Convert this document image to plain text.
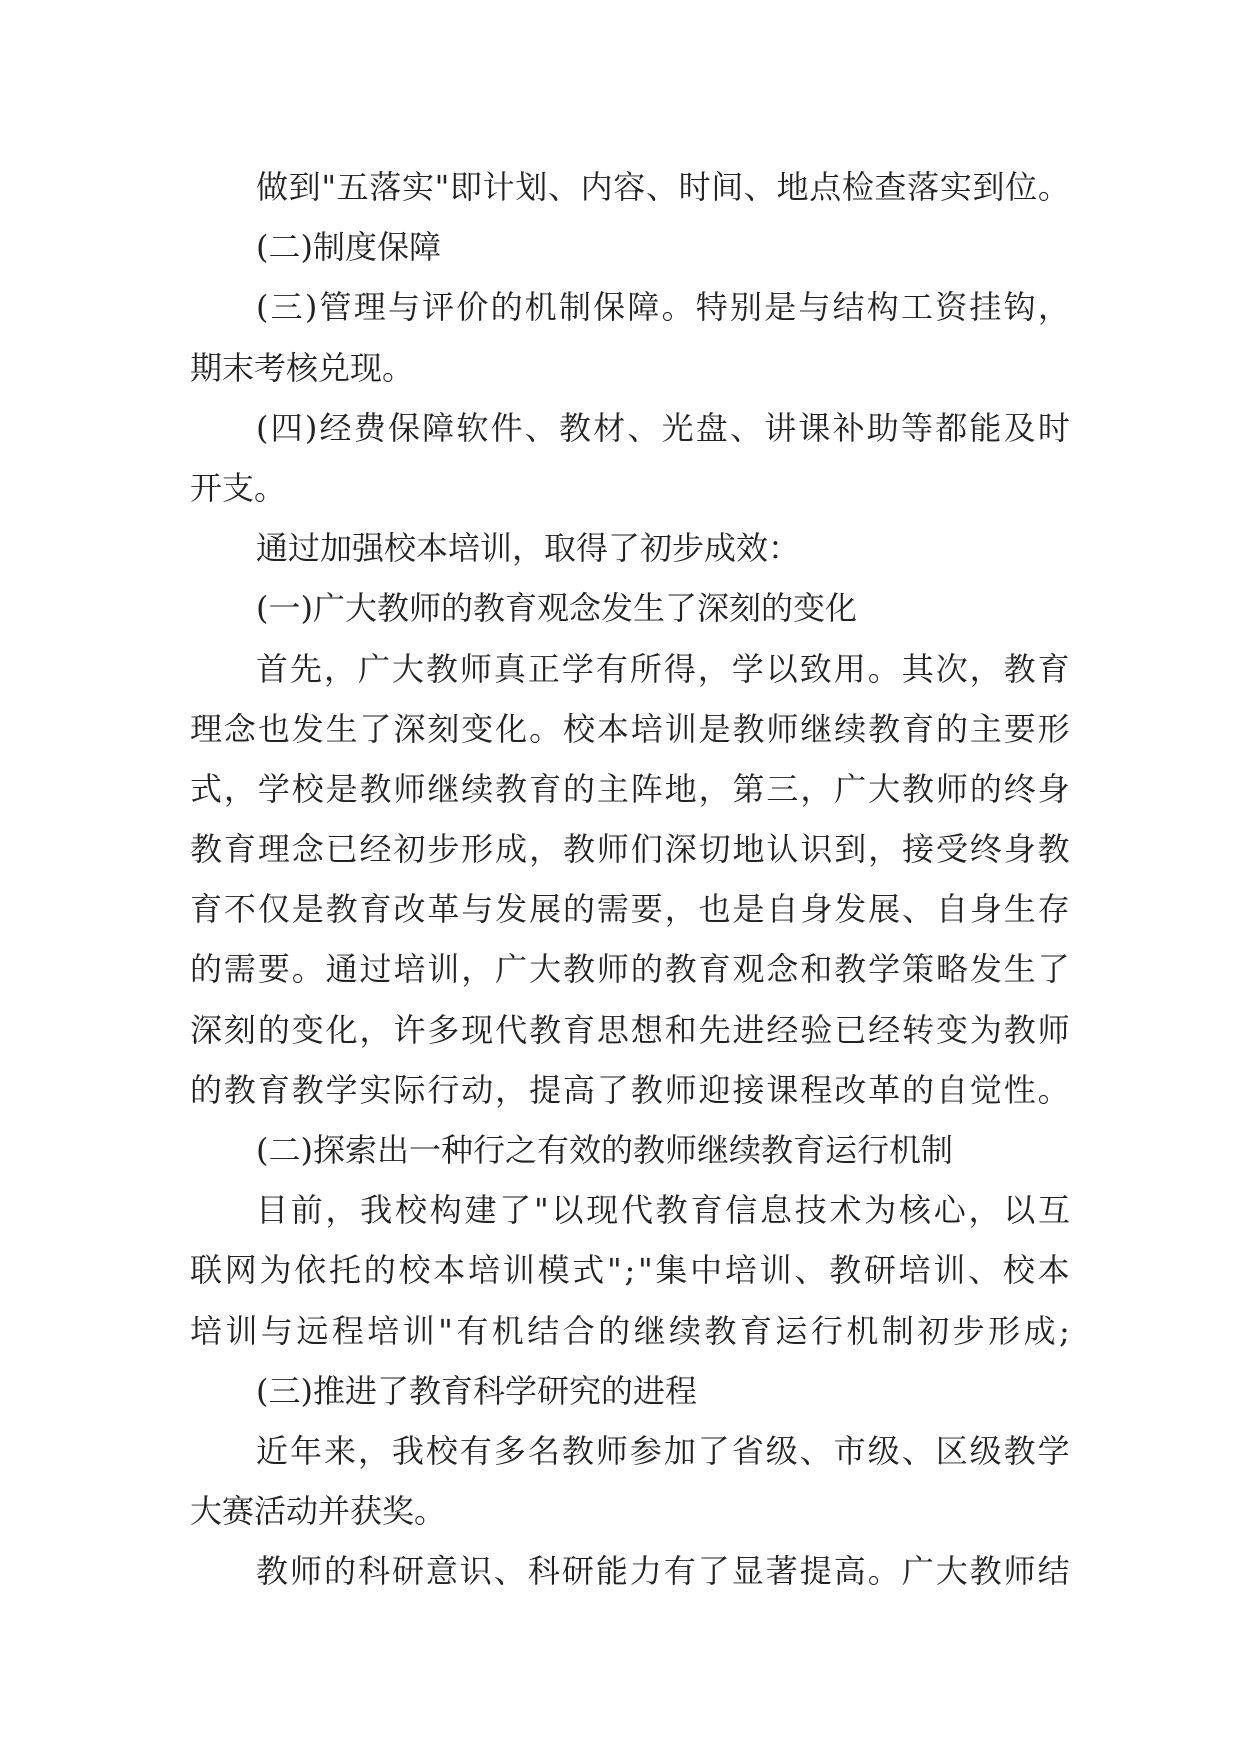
做 到 " 五 落 实 " 即 计 划 、 内 容 、 时 间 、 地 点 检 查 落 实 到 位 。
(二)制度保障
( 三 ) 管 理 与 评 价 的 机 制 保 障 。 特 别 是 与 结 构 工 资 挂 钩 ，
期末考核兑现。
( 四 ) 经 费 保 障 软 件 、 教 材 、 光 盘 、 讲 课 补 助 等 都 能 及 时
开支。
通过加强校本培训，取得了初步成效：
(一)广大教师的教育观念发生了深刻的变化
首 先 ， 广 大 教 师 真 正 学 有 所 得 ， 学 以 致 用 。 其 次 ， 教 育
理 念 也 发 生 了 深 刻 变 化 。 校 本 培 训 是 教 师 继 续 教 育 的 主 要 形
式 ， 学 校 是 教 师 继 续 教 育 的 主 阵 地 ， 第 三 ， 广 大 教 师 的 终 身
教 育 理 念 已 经 初 步 形 成 ， 教 师 们 深 切 地 认 识 到 ， 接 受 终 身 教
育 不 仅 是 教 育 改 革 与 发 展 的 需 要 ， 也 是 自 身 发 展 、 自 身 生 存
的 需 要 。 通 过 培 训 ， 广 大 教 师 的 教 育 观 念 和 教 学 策 略 发 生 了
深 刻 的 变 化 ， 许 多 现 代 教 育 思 想 和 先 进 经 验 已 经 转 变 为 教 师
的 教 育 教 学 实 际 行 动 ， 提 高 了 教 师 迎 接 课 程 改 革 的 自 觉 性 。
(二)探索出一种行之有效的教师继续教育运行机制
目 前 ， 我 校 构 建 了 " 以 现 代 教 育 信 息 技 术 为 核 心 ， 以 互
联 网 为 依 托 的 校 本 培 训 模 式 " ; " 集 中 培 训 、 教 研 培 训 、 校 本
培 训 与 远 程 培 训 " 有 机 结 合 的 继 续 教 育 运 行 机 制 初 步 形 成 ;
(三)推进了教育科学研究的进程
近 年 来 ， 我 校 有 多 名 教 师 参 加 了 省 级 、 市 级 、 区 级 教 学
大赛活动并获奖。
教 师 的 科 研 意 识 、 科 研 能 力 有 了 显 著 提 高 。 广 大 教 师 结
